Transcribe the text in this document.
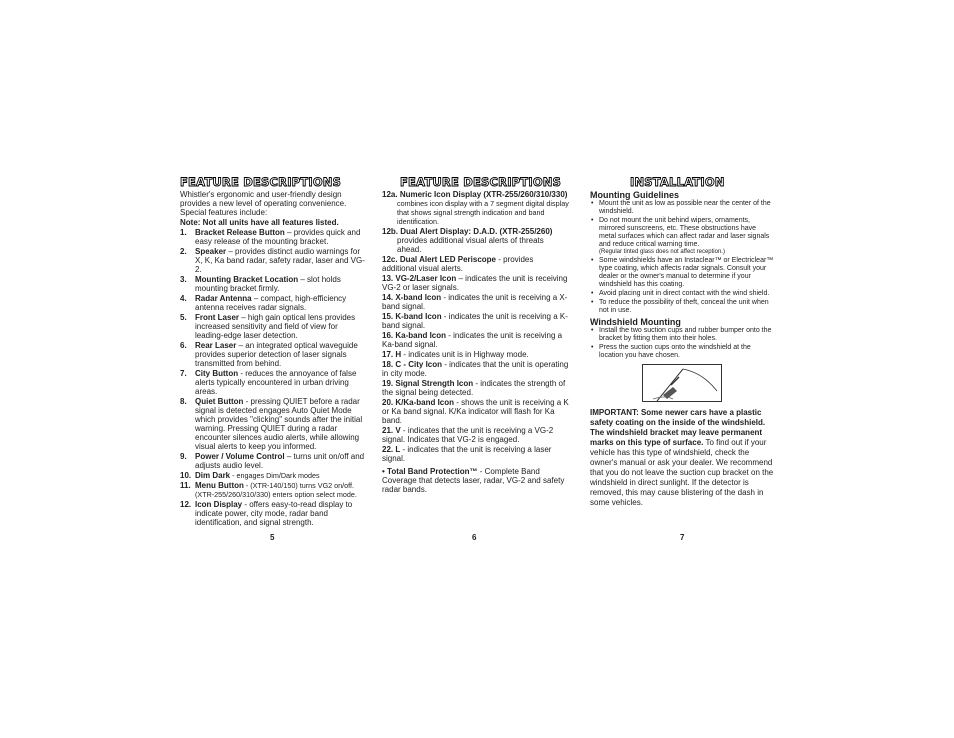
FEATURE DESCRIPTIONS

Whistler's ergonomic and user-friendly design provides a new level of operating convenience. Special features include:

Note: Not all units have all features listed.

1. Bracket Release Button – provides quick and easy release of the mounting bracket.
2. Speaker – provides distinct audio warnings for X, K, Ka band radar, safety radar, laser and VG-2.
3. Mounting Bracket Location – slot holds mounting bracket firmly.
4. Radar Antenna – compact, high-efficiency antenna receives radar signals.
5. Front Laser – high gain optical lens provides increased sensitivity and field of view for leading-edge laser detection.
6. Rear Laser – an integrated optical waveguide provides superior detection of laser signals transmitted from behind.
7. City Button - reduces the annoyance of false alerts typically encountered in urban driving areas.
8. Quiet Button - pressing QUIET before a radar signal is detected engages Auto Quiet Mode which provides "clicking" sounds after the initial warning. Pressing QUIET during a radar encounter silences audio alerts, while allowing visual alerts to keep you informed.
9. Power / Volume Control – turns unit on/off and adjusts audio level.
10. Dim Dark - engages Dim/Dark modes
11. Menu Button - (XTR-140/150) turns VG2 on/off. (XTR-255/260/310/330) enters option select mode.
12. Icon Display - offers easy-to-read display to indicate power, city mode, radar band identification, and signal strength.
5
FEATURE DESCRIPTIONS
12a. Numeric Icon Display (XTR-255/260/310/330)
combines icon display with a 7 segment digital display that shows signal strength indication and band identification.
12b. Dual Alert Display: D.A.D. (XTR-255/260)
provides additional visual alerts of threats ahead.
12c. Dual Alert LED Periscope - provides additional visual alerts.
13. VG-2/Laser Icon – indicates the unit is receiving VG-2 or laser signals.
14. X-band Icon - indicates the unit is receiving a X-band signal.
15. K-band Icon - indicates the unit is receiving a K-band signal.
16. Ka-band Icon - indicates the unit is receiving a Ka-band signal.
17. H - indicates unit is in Highway mode.
18. C - City Icon - indicates that the unit is operating in city mode.
19. Signal Strength Icon - indicates the strength of the signal being detected.
20. K/Ka-band Icon - shows the unit is receiving a K or Ka band signal. K/Ka indicator will flash for Ka band.
21. V - indicates that the unit is receiving a VG-2 signal. Indicates that VG-2 is engaged.
22. L - indicates that the unit is receiving a laser signal.

• Total Band Protection™ - Complete Band Coverage that detects laser, radar, VG-2 and safety radar bands.

6
INSTALLATION

Mounting Guidelines

• Mount the unit as low as possible near the center of the windshield.
• Do not mount the unit behind wipers, ornaments, mirrored sunscreens, etc. These obstructions have metal surfaces which can affect radar and laser signals and reduce critical warning time.
(Regular tinted glass does not affect reception.)
• Some windshields have an Instaclear™ or Electriclear™ type coating, which affects radar signals. Consult your dealer or the owner's manual to determine if your windshield has this coating.
• Avoid placing unit in direct contact with the wind shield.
• To reduce the possibility of theft, conceal the unit when not in use.

Windshield Mounting

• Install the two suction cups and rubber bumper onto the bracket by fitting them into their holes.
• Press the suction cups onto the windshield at the location you have chosen.

IMPORTANT: Some newer cars have a plastic safety coating on the inside of the windshield. The windshield bracket may leave permanent marks on this type of surface. To find out if your vehicle has this type of windshield, check the owner's manual or ask your dealer. We recommend that you do not leave the suction cup bracket on the windshield in direct sunlight. If the detector is removed, this may cause blistering of the dash in some vehicles.

7
